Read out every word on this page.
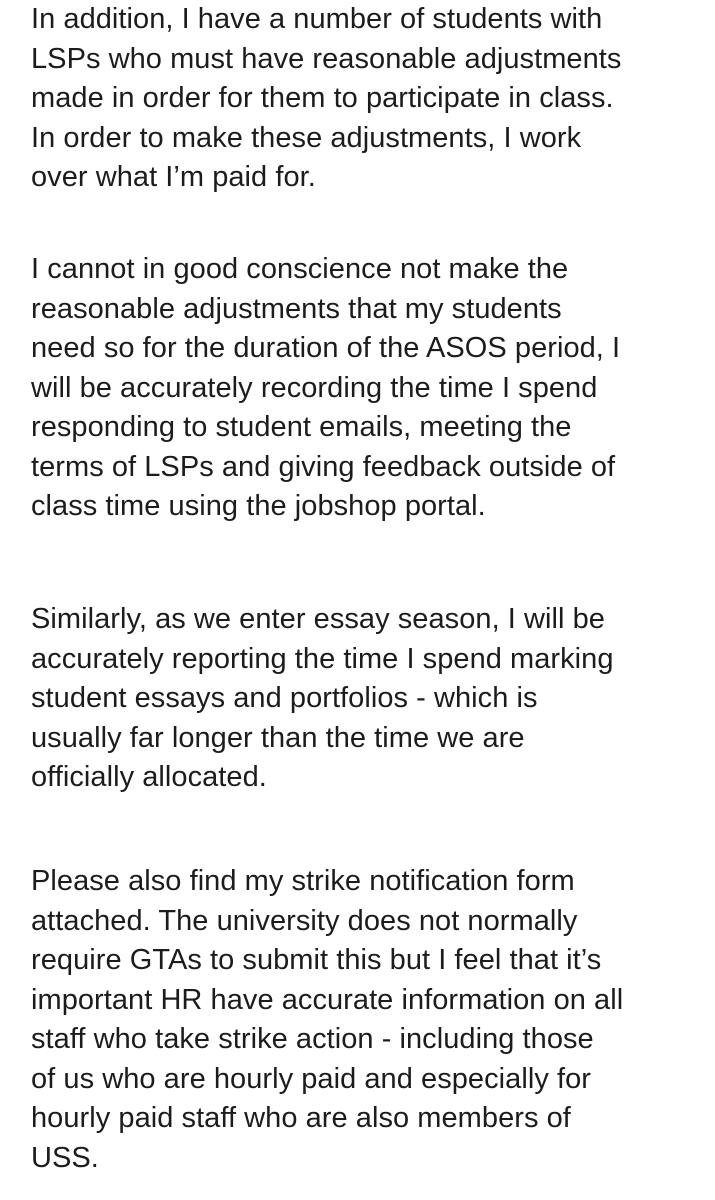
In addition, I have a number of students with
LSPs who must have reasonable adjustments
made in order for them to participate in class.
In order to make these adjustments, I work
over what I’m paid for.

I cannot in good conscience not make the
reasonable adjustments that my students
need so for the duration of the ASOS period, I
will be accurately recording the time I spend
responding to student emails, meeting the
terms of LSPs and giving feedback outside of
class time using the jobshop portal.

Similarly, as we enter essay season, I will be
accurately reporting the time I spend marking
student essays and portfolios - which is
usually far longer than the time we are
officially allocated.

Please also find my strike notification form
attached. The university does not normally
require GTAs to submit this but I feel that it’s
important HR have accurate information on all
staff who take strike action - including those
of us who are hourly paid and especially for
hourly paid staff who are also members of
USS.
